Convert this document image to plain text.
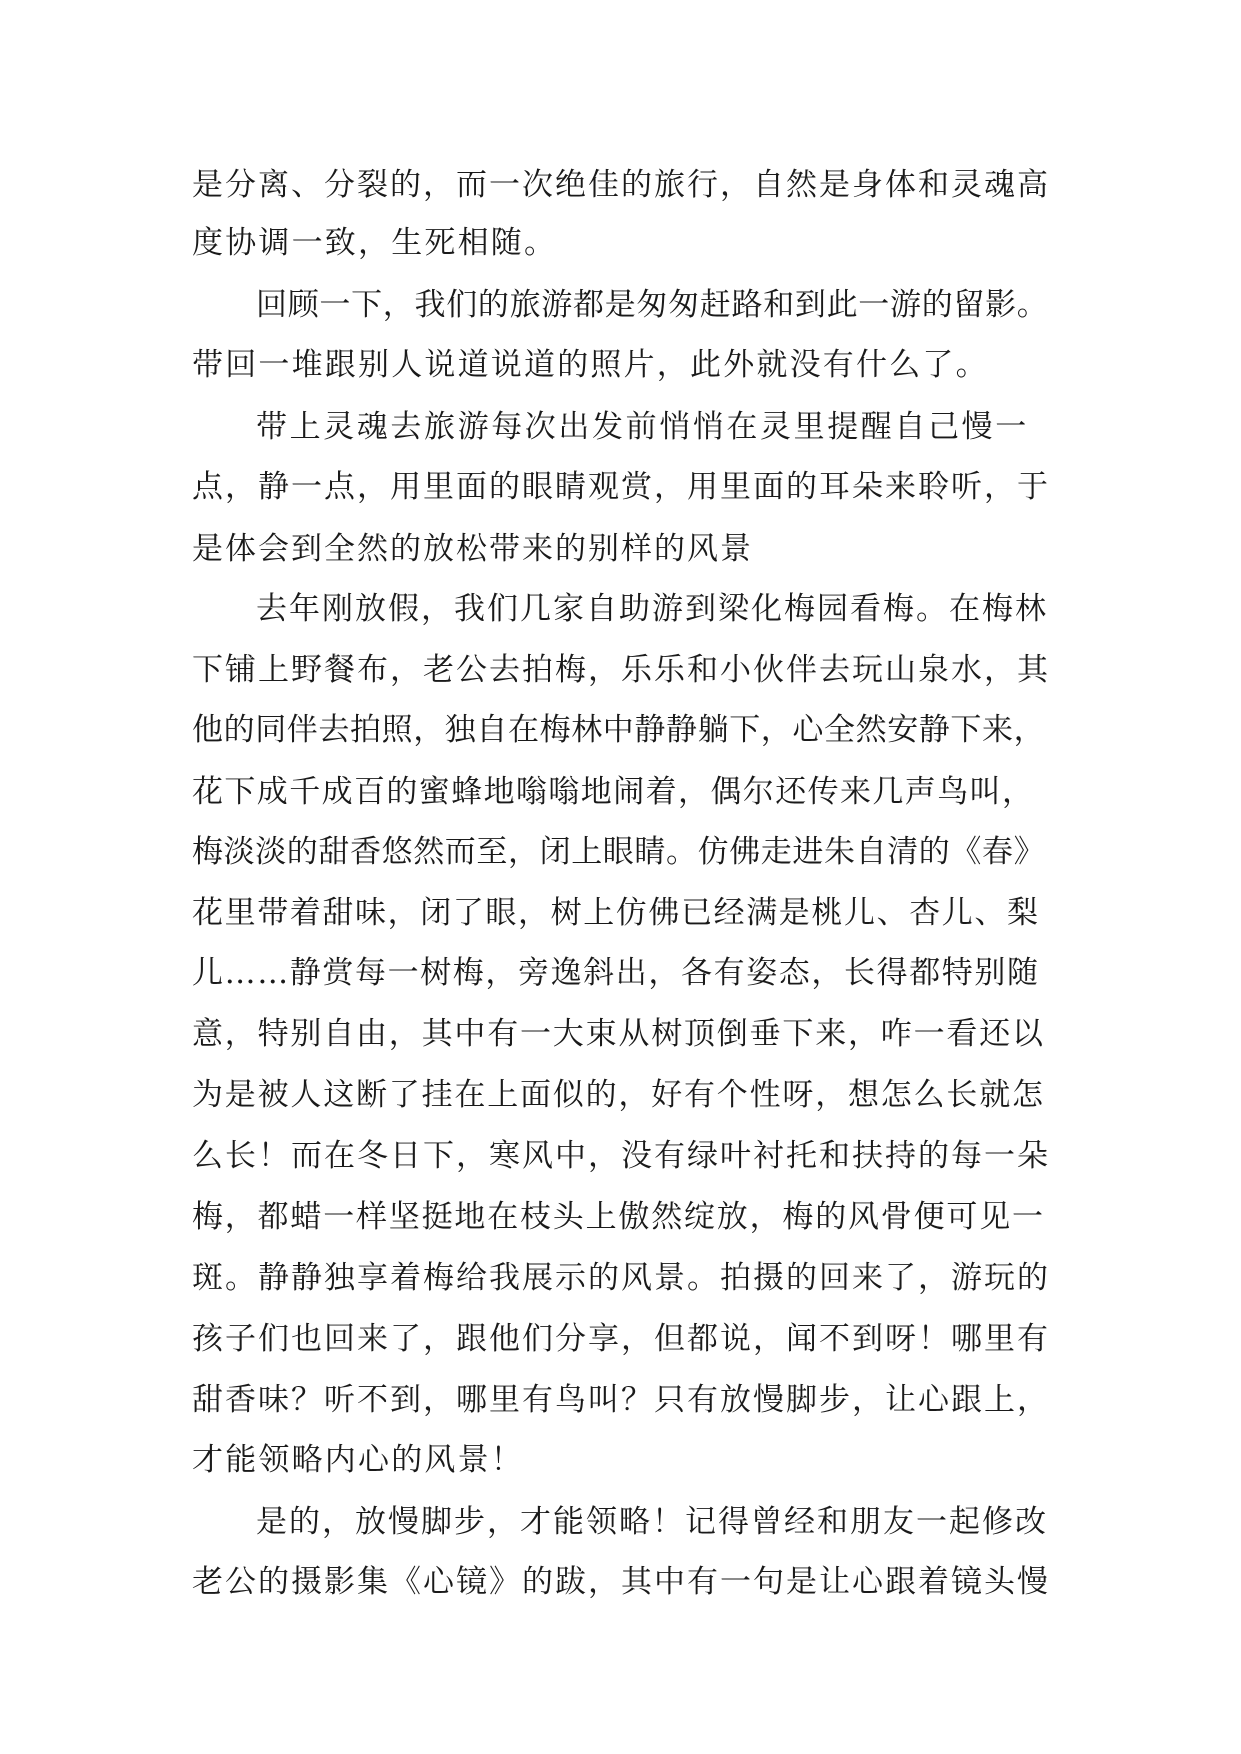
是分离、分裂的，而一次绝佳的旅行，自然是身体和灵魂高
度协调一致，生死相随。
回顾一下，我们的旅游都是匆匆赶路和到此一游的留影。
带回一堆跟别人说道说道的照片，此外就没有什么了。
带上灵魂去旅游每次出发前悄悄在灵里提醒自己慢一
点，静一点，用里面的眼睛观赏，用里面的耳朵来聆听，于
是体会到全然的放松带来的别样的风景
去年刚放假，我们几家自助游到梁化梅园看梅。在梅林
下铺上野餐布，老公去拍梅，乐乐和小伙伴去玩山泉水，其
他的同伴去拍照，独自在梅林中静静躺下，心全然安静下来，
花下成千成百的蜜蜂地嗡嗡地闹着，偶尔还传来几声鸟叫，
梅淡淡的甜香悠然而至，闭上眼睛。仿佛走进朱自清的《春》
花里带着甜味，闭了眼，树上仿佛已经满是桃儿、杏儿、梨
儿……静赏每一树梅，旁逸斜出，各有姿态，长得都特别随
意，特别自由，其中有一大束从树顶倒垂下来，咋一看还以
为是被人这断了挂在上面似的，好有个性呀，想怎么长就怎
么长！而在冬日下，寒风中，没有绿叶衬托和扶持的每一朵
梅，都蜡一样坚挺地在枝头上傲然绽放，梅的风骨便可见一
斑。静静独享着梅给我展示的风景。拍摄的回来了，游玩的
孩子们也回来了，跟他们分享，但都说，闻不到呀！哪里有
甜香味？听不到，哪里有鸟叫？只有放慢脚步，让心跟上，
才能领略内心的风景！
是的，放慢脚步，才能领略！记得曾经和朋友一起修改
老公的摄影集《心镜》的跋，其中有一句是让心跟着镜头慢
